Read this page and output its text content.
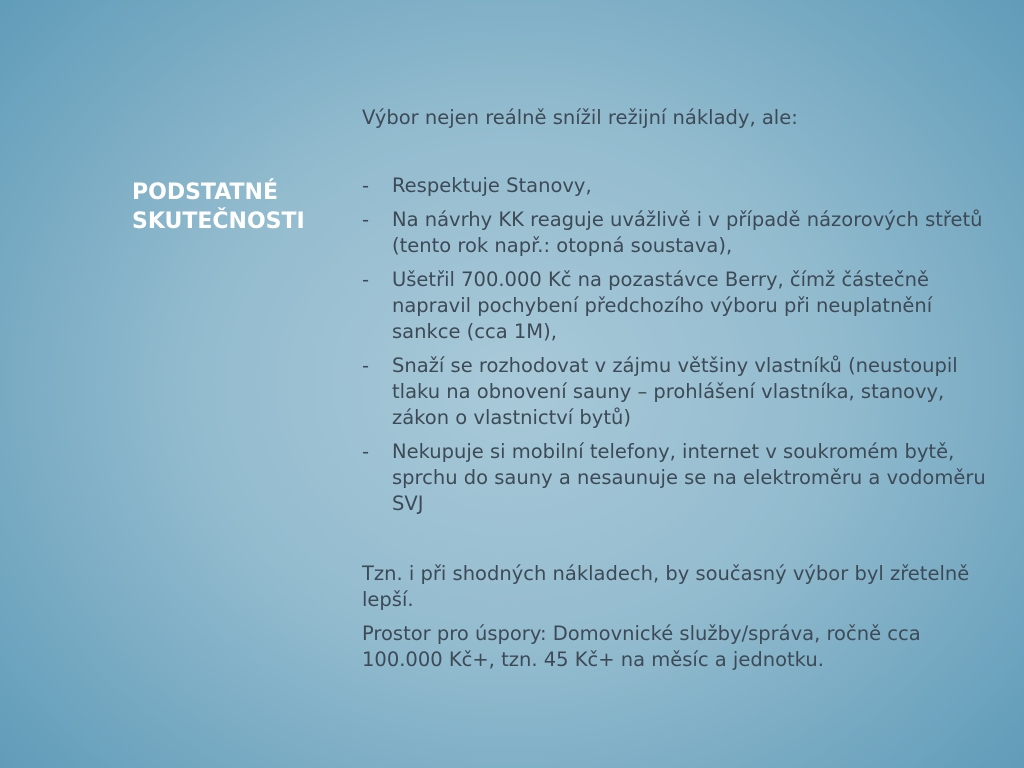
PODSTATNÉ SKUTEČNOSTI

Výbor nejen reálně snížil režijní náklady, ale:

- Respektuje Stanovy,
- Na návrhy KK reaguje uvážlivě i v případě názorových střetů (tento rok např.: otopná soustava),
- Ušetřil 700.000 Kč na pozastávce Berry, čímž částečně napravil pochybení předchozího výboru při neuplatnění sankce (cca 1M),
- Snaží se rozhodovat v zájmu většiny vlastníků (neustoupil tlaku na obnovení sauny – prohlášení vlastníka, stanovy, zákon o vlastnictví bytů)
- Nekupuje si mobilní telefony, internet v soukromém bytě, sprchu do sauny a nesaunuje se na elektroměru a vodoměru SVJ

Tzn. i při shodných nákladech, by současný výbor byl zřetelně lepší.

Prostor pro úspory: Domovnické služby/správa, ročně cca 100.000 Kč+, tzn. 45 Kč+ na měsíc a jednotku.
